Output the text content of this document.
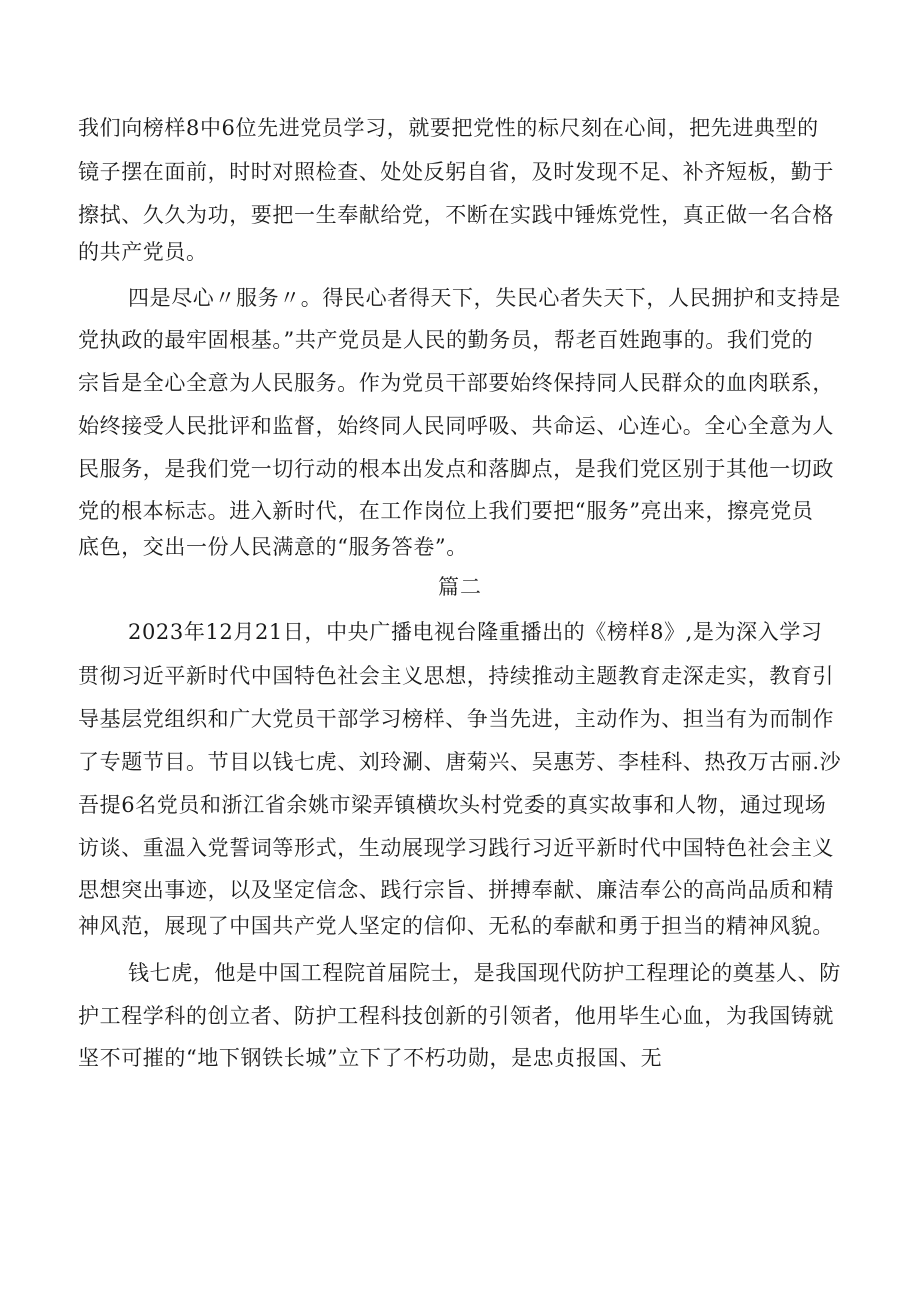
我们向榜样8中6位先进党员学习，就要把党性的标尺刻在心间，把先进典型的
镜子摆在面前，时时对照检查、处处反躬自省，及时发现不足、补齐短板，勤于
擦拭、久久为功，要把一生奉献给党，不断在实践中锤炼党性，真正做一名合格
的共产党员。
四是尽心〃服务〃。得民心者得天下，失民心者失天下，人民拥护和支持是
党执政的最牢固根基。”共产党员是人民的勤务员，帮老百姓跑事的。我们党的
宗旨是全心全意为人民服务。作为党员干部要始终保持同人民群众的血肉联系，
始终接受人民批评和监督，始终同人民同呼吸、共命运、心连心。全心全意为人
民服务，是我们党一切行动的根本出发点和落脚点，是我们党区别于其他一切政
党的根本标志。进入新时代，在工作岗位上我们要把“服务”亮出来，擦亮党员
底色，交出一份人民满意的“服务答卷”。
篇二
2023年12月21日，中央广播电视台隆重播出的《榜样8》,是为深入学习
贯彻习近平新时代中国特色社会主义思想，持续推动主题教育走深走实，教育引
导基层党组织和广大党员干部学习榜样、争当先进，主动作为、担当有为而制作
了专题节目。节目以钱七虎、刘玲涮、唐菊兴、吴惠芳、李桂科、热孜万古丽.沙
吾提6名党员和浙江省余姚市梁弄镇横坎头村党委的真实故事和人物，通过现场
访谈、重温入党誓词等形式，生动展现学习践行习近平新时代中国特色社会主义
思想突出事迹，以及坚定信念、践行宗旨、拼搏奉献、廉洁奉公的高尚品质和精
神风范，展现了中国共产党人坚定的信仰、无私的奉献和勇于担当的精神风貌。
钱七虎，他是中国工程院首届院士，是我国现代防护工程理论的奠基人、防
护工程学科的创立者、防护工程科技创新的引领者，他用毕生心血，为我国铸就
坚不可摧的“地下钢铁长城”立下了不朽功勋，是忠贞报国、无
